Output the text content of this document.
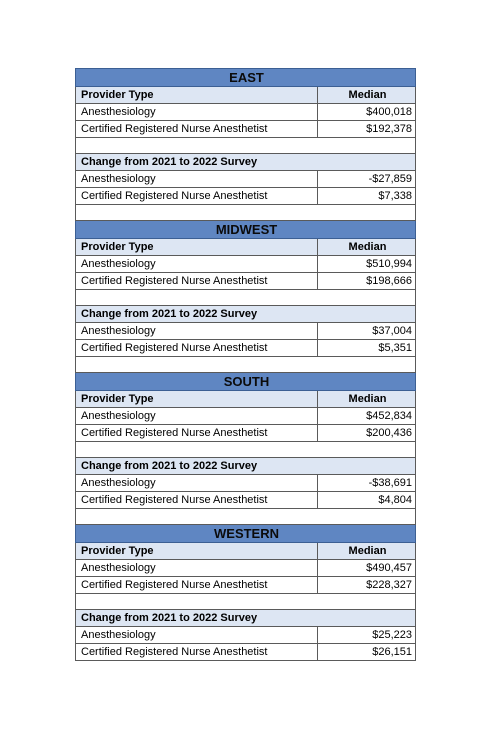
EAST	
Provider Type	Median
Anesthesiology	$400,018
Certified Registered Nurse Anesthetist	$192,378

Change from 2021 to 2022 Survey	
Anesthesiology	-$27,859
Certified Registered Nurse Anesthetist	$7,338

MIDWEST	
Provider Type	Median
Anesthesiology	$510,994
Certified Registered Nurse Anesthetist	$198,666

Change from 2021 to 2022 Survey	
Anesthesiology	$37,004
Certified Registered Nurse Anesthetist	$5,351

SOUTH	
Provider Type	Median
Anesthesiology	$452,834
Certified Registered Nurse Anesthetist	$200,436

Change from 2021 to 2022 Survey	
Anesthesiology	-$38,691
Certified Registered Nurse Anesthetist	$4,804

WESTERN	
Provider Type	Median
Anesthesiology	$490,457
Certified Registered Nurse Anesthetist	$228,327

Change from 2021 to 2022 Survey	
Anesthesiology	$25,223
Certified Registered Nurse Anesthetist	$26,151
